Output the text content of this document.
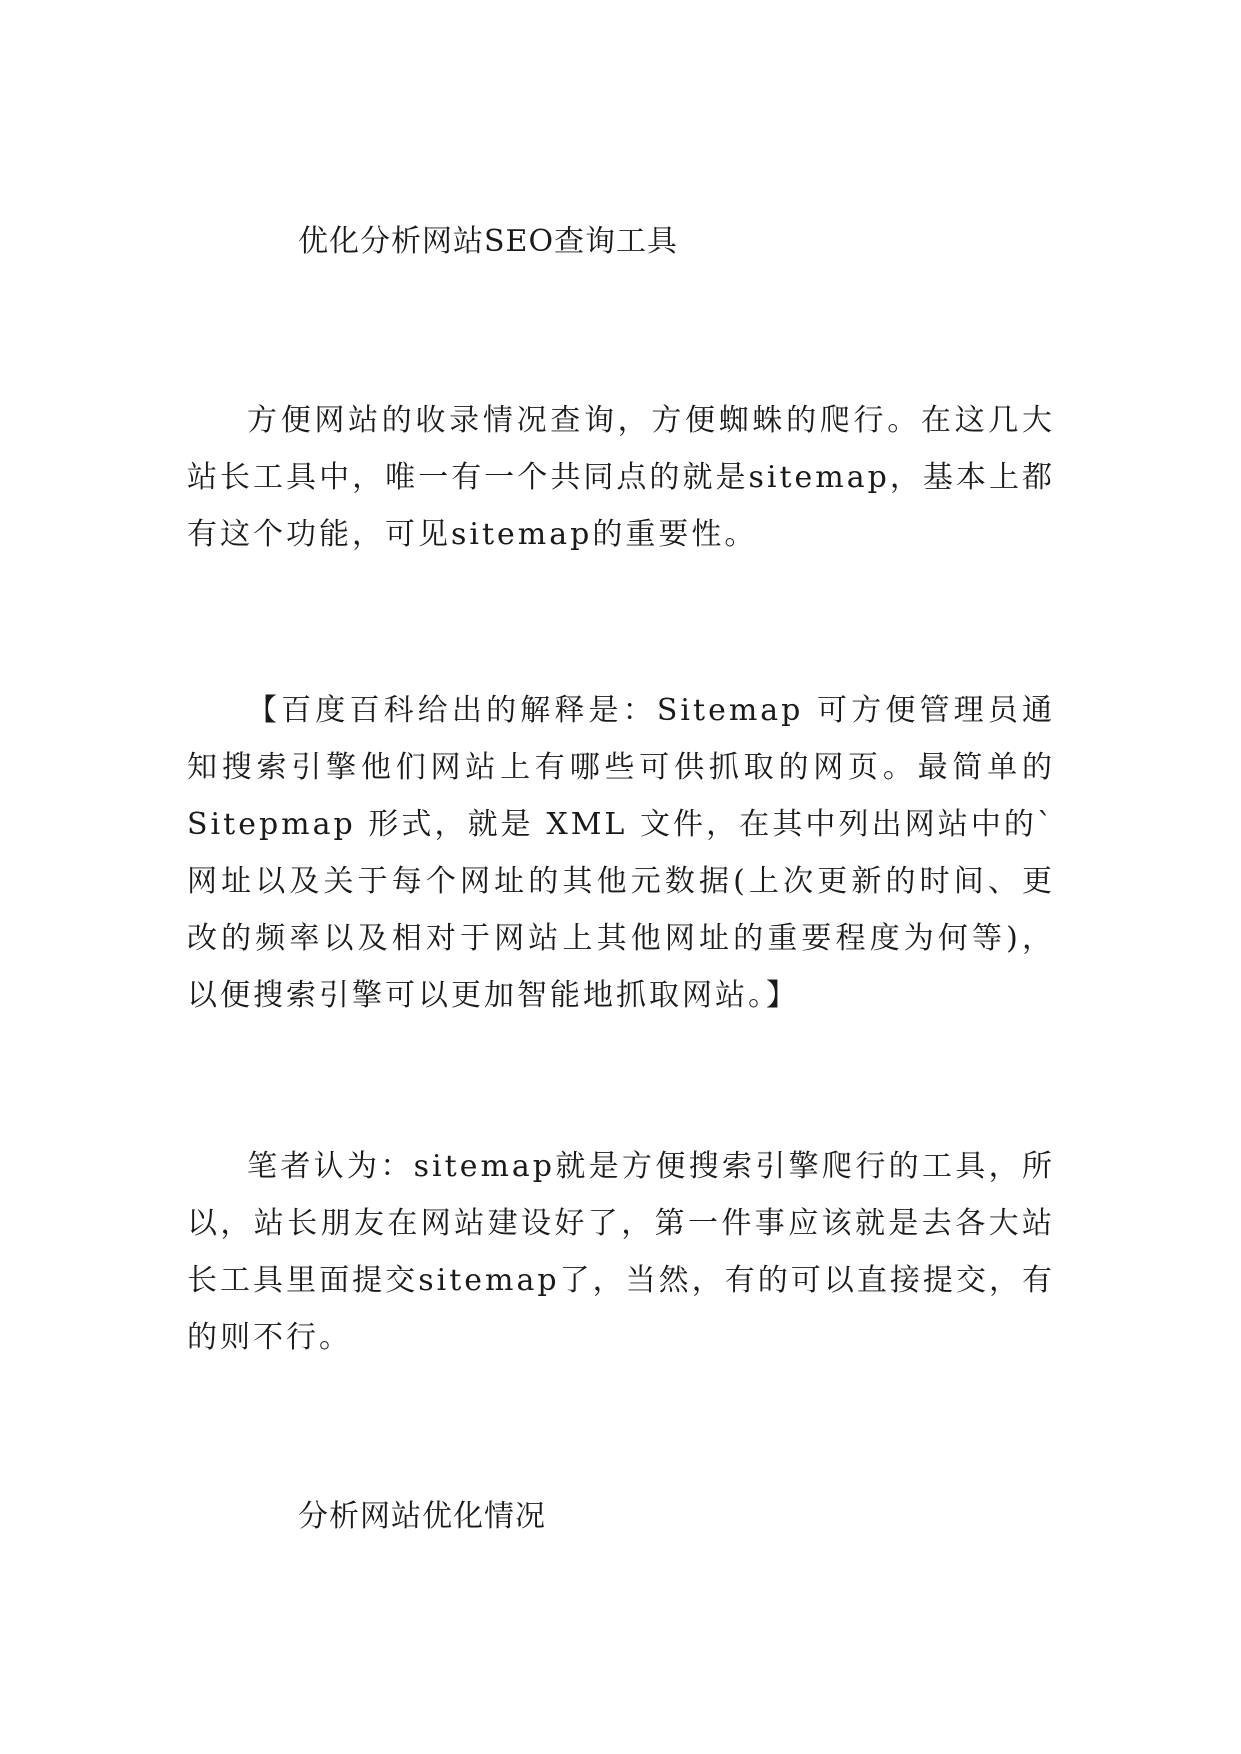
优化分析网站SEO查询工具

方便网站的收录情况查询，方便蜘蛛的爬行。在这几大站长工具中，唯一有一个共同点的就是sitemap，基本上都有这个功能，可见sitemap的重要性。

【百度百科给出的解释是：Sitemap 可方便管理员通知搜索引擎他们网站上有哪些可供抓取的网页。最简单的 Sitepmap 形式，就是 XML 文件，在其中列出网站中的`网址以及关于每个网址的其他元数据(上次更新的时间、更改的频率以及相对于网站上其他网址的重要程度为何等)，以便搜索引擎可以更加智能地抓取网站。】

笔者认为：sitemap就是方便搜索引擎爬行的工具，所以，站长朋友在网站建设好了，第一件事应该就是去各大站长工具里面提交sitemap了，当然，有的可以直接提交，有的则不行。

分析网站优化情况
